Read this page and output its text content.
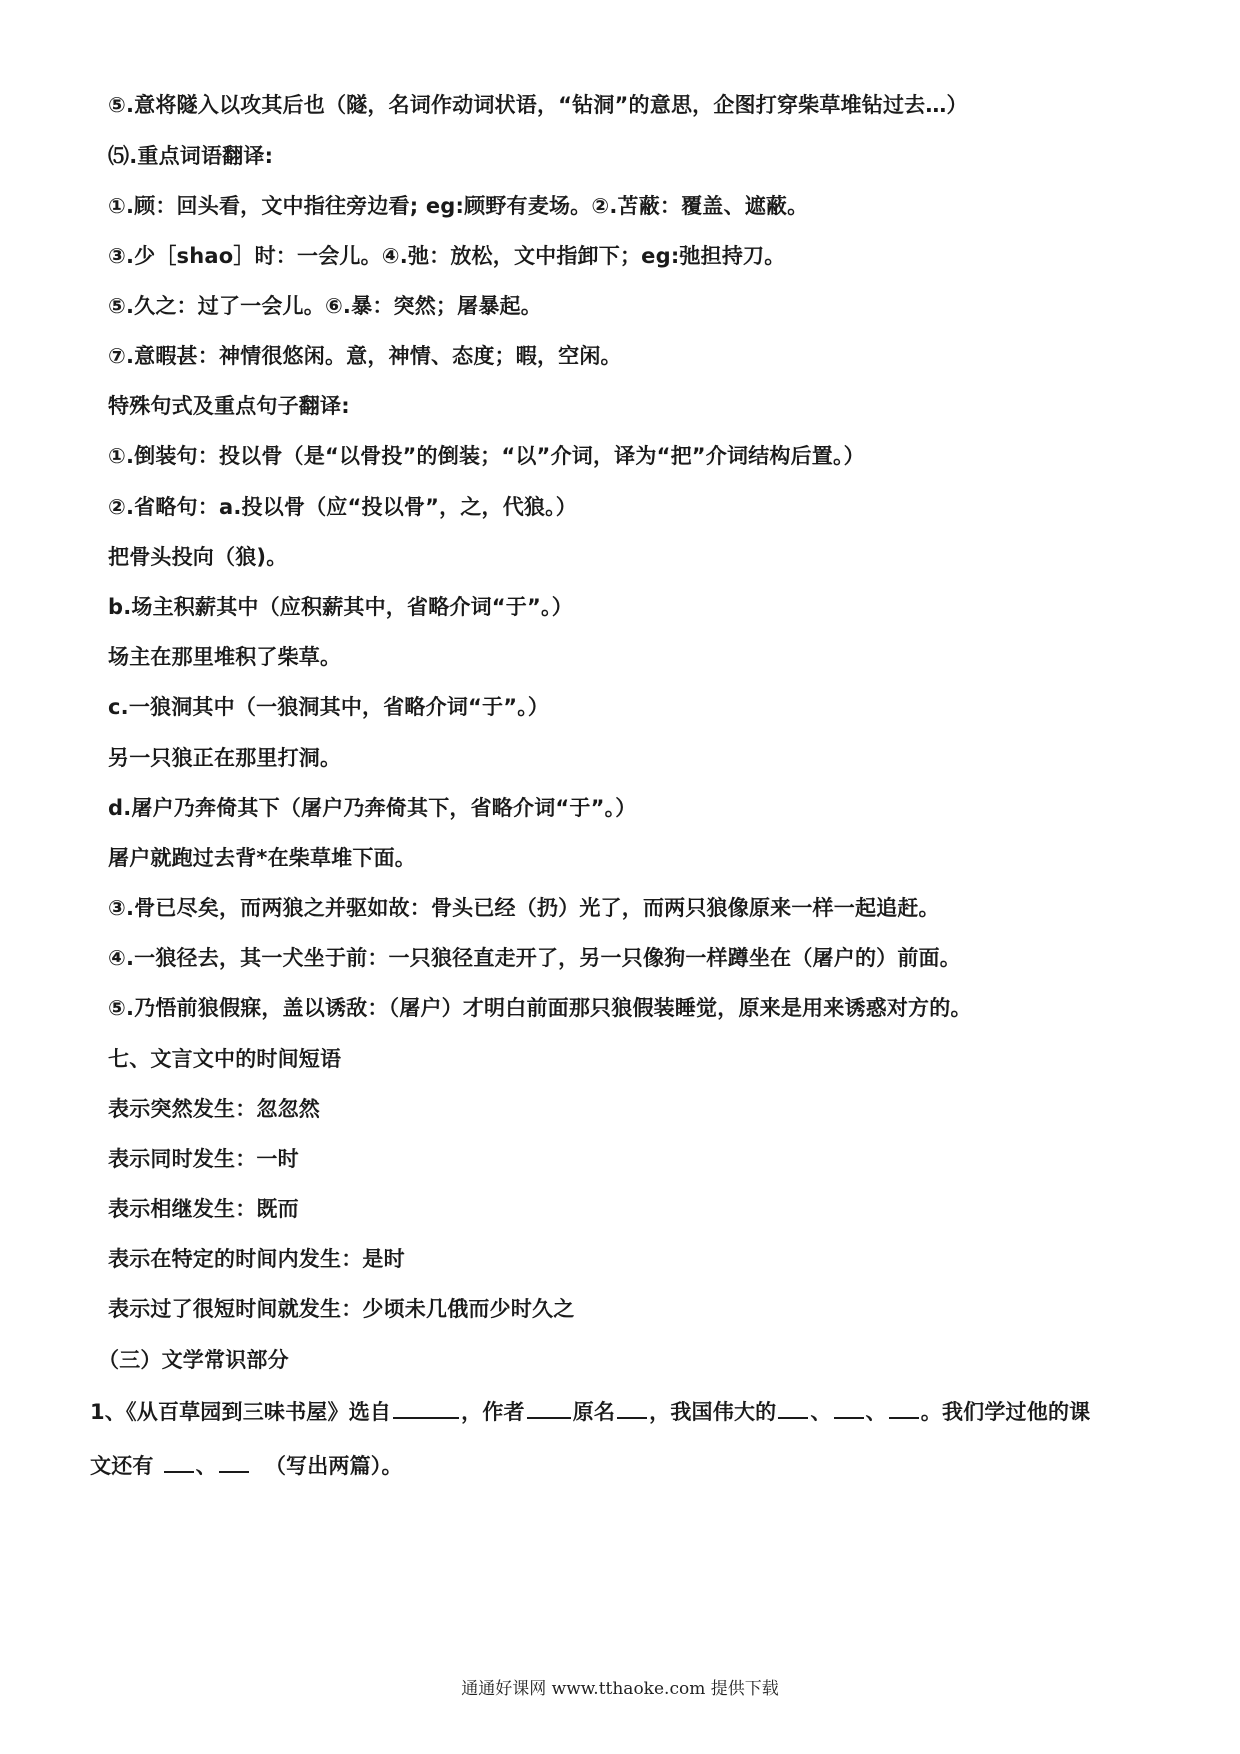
⑤.意将隧入以攻其后也（隧，名词作动词状语，“钻洞”的意思，企图打穿柴草堆钻过去…）
⑸.重点词语翻译:
①.顾：回头看，文中指往旁边看; eg:顾野有麦场。②.苫蔽：覆盖、遮蔽。
③.少［shao］时：一会儿。④.弛：放松，文中指卸下；eg:弛担持刀。
⑤.久之：过了一会儿。⑥.暴：突然；屠暴起。
⑦.意暇甚：神情很悠闲。意，神情、态度；暇，空闲。
特殊句式及重点句子翻译:
①.倒装句：投以骨（是“以骨投”的倒装；“以”介词，译为“把”介词结构后置。）
②.省略句：a.投以骨（应“投以骨”，之，代狼。）
把骨头投向（狼)。
b.场主积薪其中（应积薪其中，省略介词“于”。）
场主在那里堆积了柴草。
c.一狼洞其中（一狼洞其中，省略介词“于”。）
另一只狼正在那里打洞。
d.屠户乃奔倚其下（屠户乃奔倚其下，省略介词“于”。）
屠户就跑过去背*在柴草堆下面。
③.骨已尽矣，而两狼之并驱如故：骨头已经（扔）光了，而两只狼像原来一样一起追赶。
④.一狼径去，其一犬坐于前：一只狼径直走开了，另一只像狗一样蹲坐在（屠户的）前面。
⑤.乃悟前狼假寐，盖以诱敌：（屠户）才明白前面那只狼假装睡觉，原来是用来诱惑对方的。
七、文言文中的时间短语
表示突然发生：忽忽然
表示同时发生：一时
表示相继发生：既而
表示在特定的时间内发生：是时
表示过了很短时间就发生：少顷未几俄而少时久之
（三）文学常识部分
1、《从百草园到三味书屋》选自	，作者 原名 ，我国伟大的 、 、 。我们学过他的课
文还有 、 （写出两篇）。
通通好课网 www.tthaoke.com 提供下载
